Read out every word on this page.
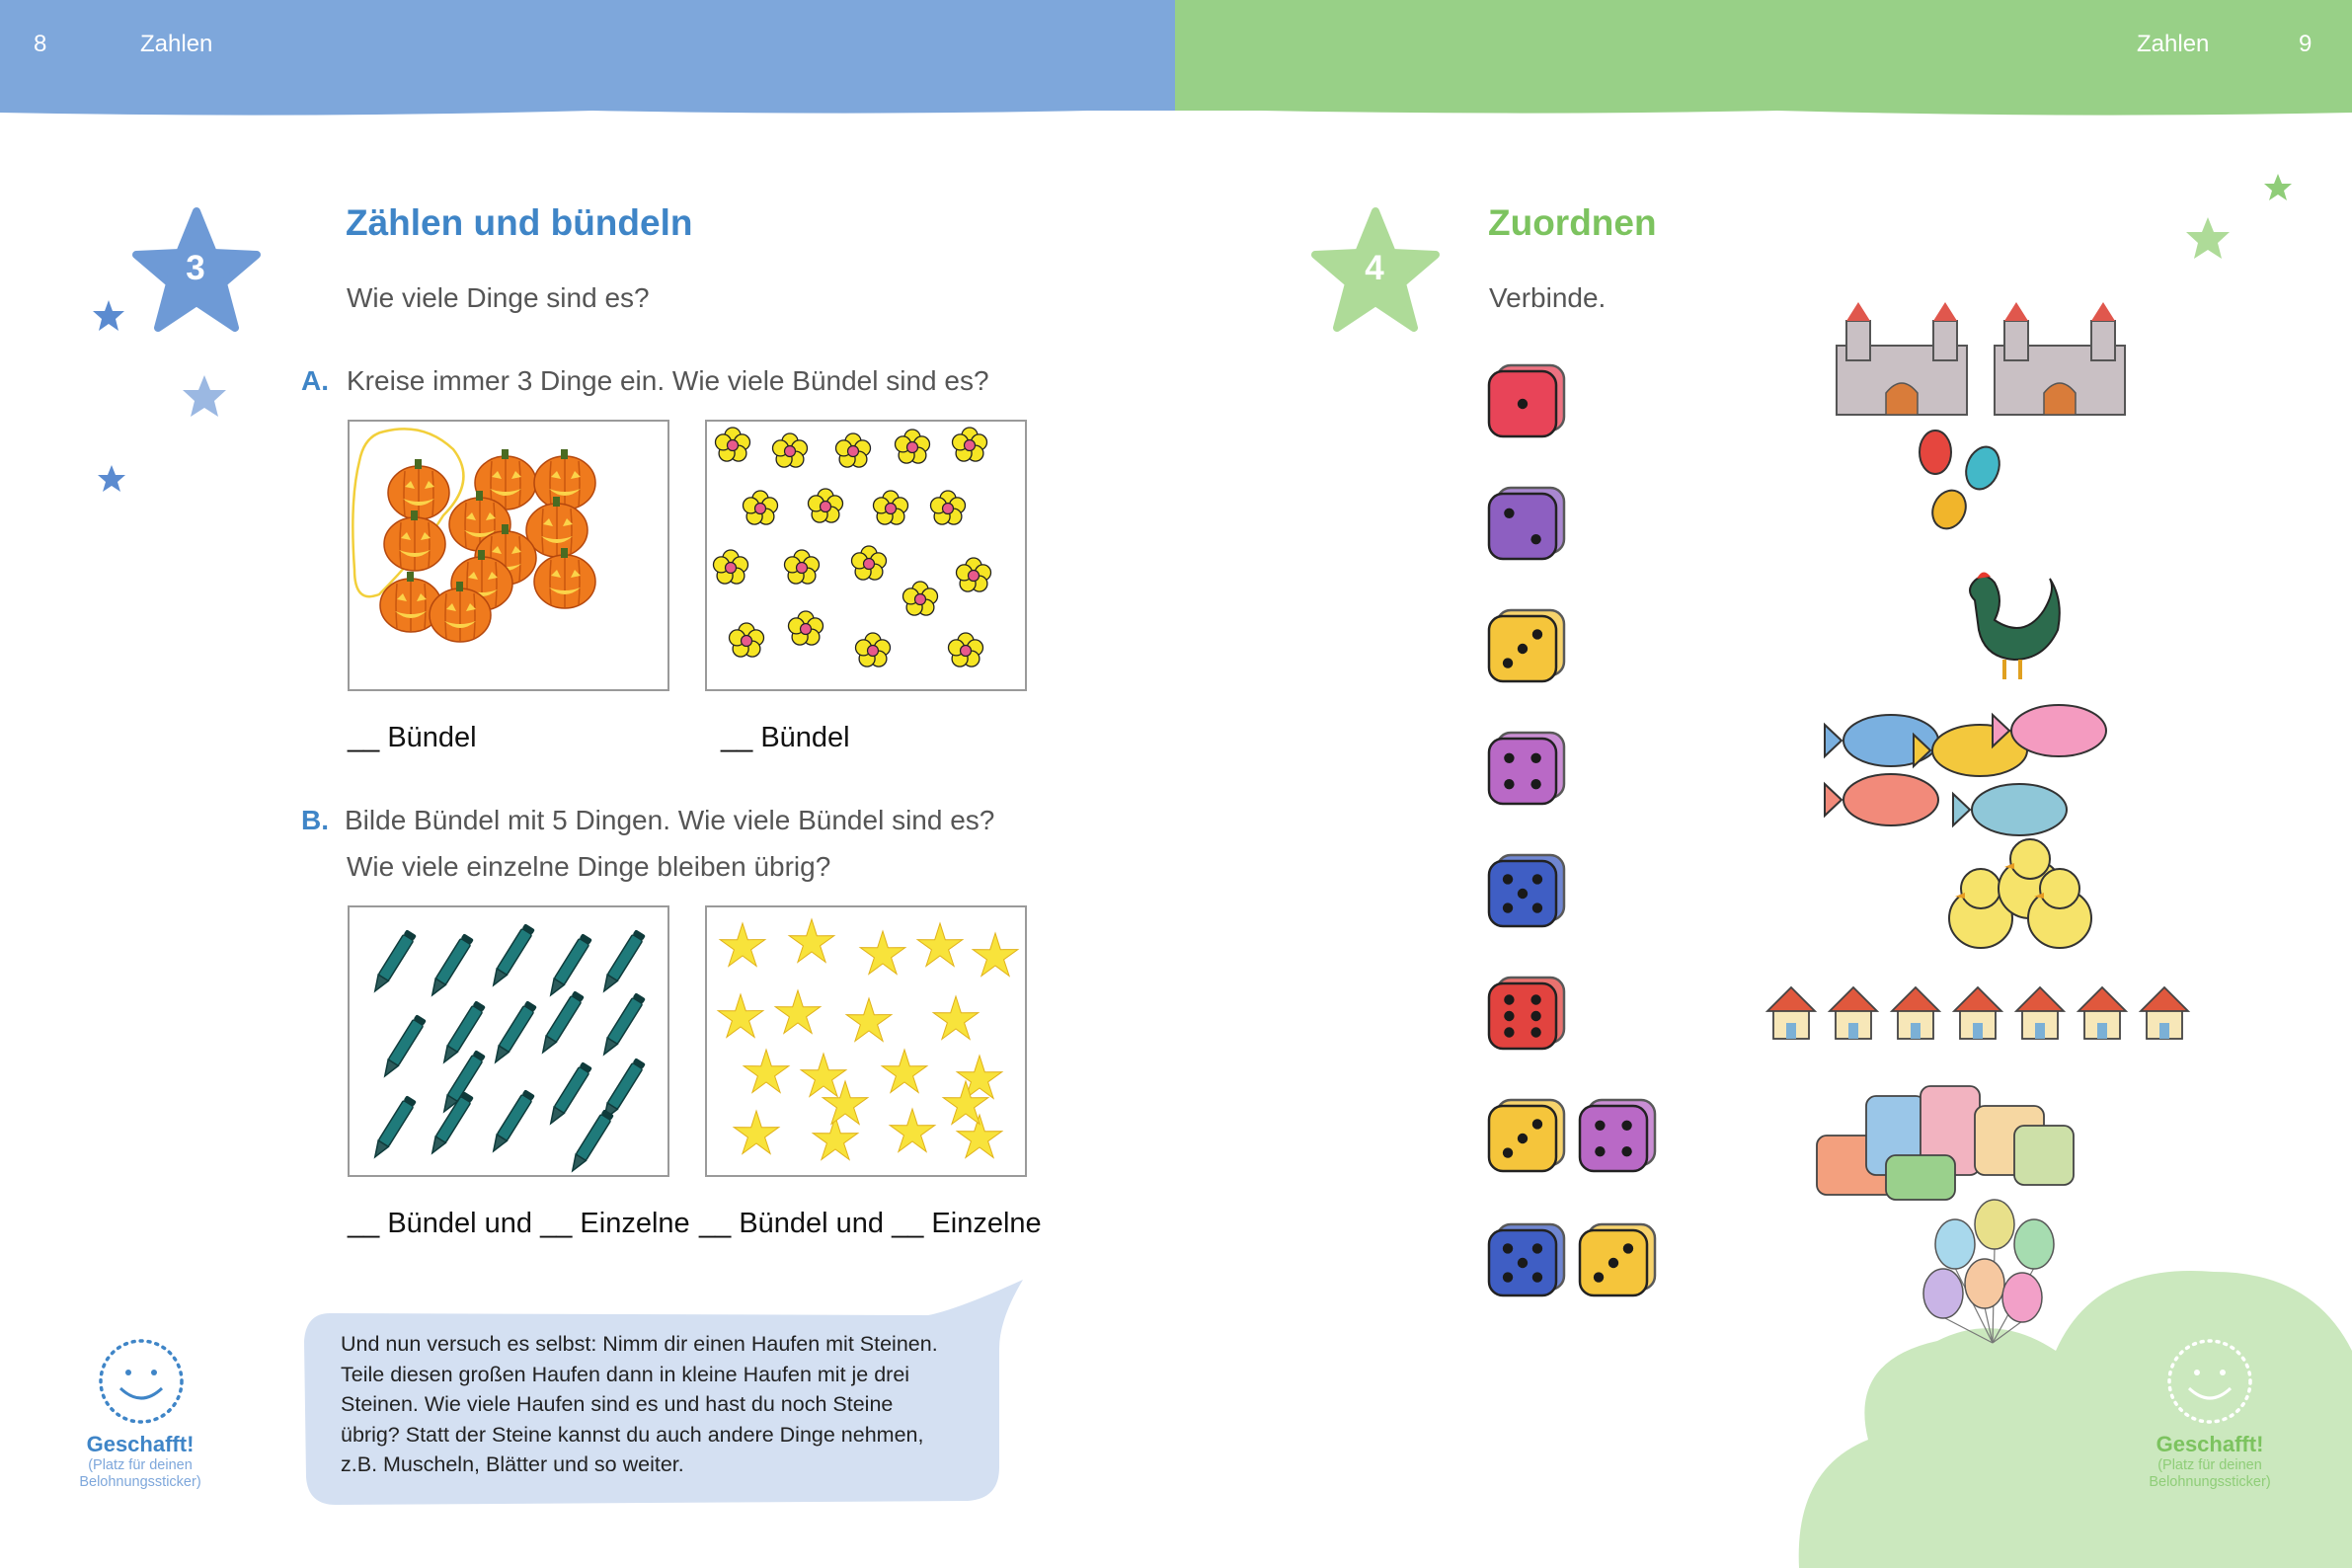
8	Zahlen	Zahlen	9
3
Zählen und bündeln
Wie viele Dinge sind es?
A. Kreise immer 3 Dinge ein. Wie viele Bündel sind es?
__ Bündel	__ Bündel
B. Bilde Bündel mit 5 Dingen. Wie viele Bündel sind es?
Wie viele einzelne Dinge bleiben übrig?
__ Bündel und __ Einzelne __ Bündel und __ Einzelne
Und nun versuch es selbst: Nimm dir einen Haufen mit Steinen.
Teile diesen großen Haufen dann in kleine Haufen mit je drei
Steinen. Wie viele Haufen sind es und hast du noch Steine
übrig? Statt der Steine kannst du auch andere Dinge nehmen,
z.B. Muscheln, Blätter und so weiter.
Geschafft!
(Platz für deinen
Belohnungssticker)
4
Zuordnen
Verbinde.
Geschafft!
(Platz für deinen
Belohnungssticker)
